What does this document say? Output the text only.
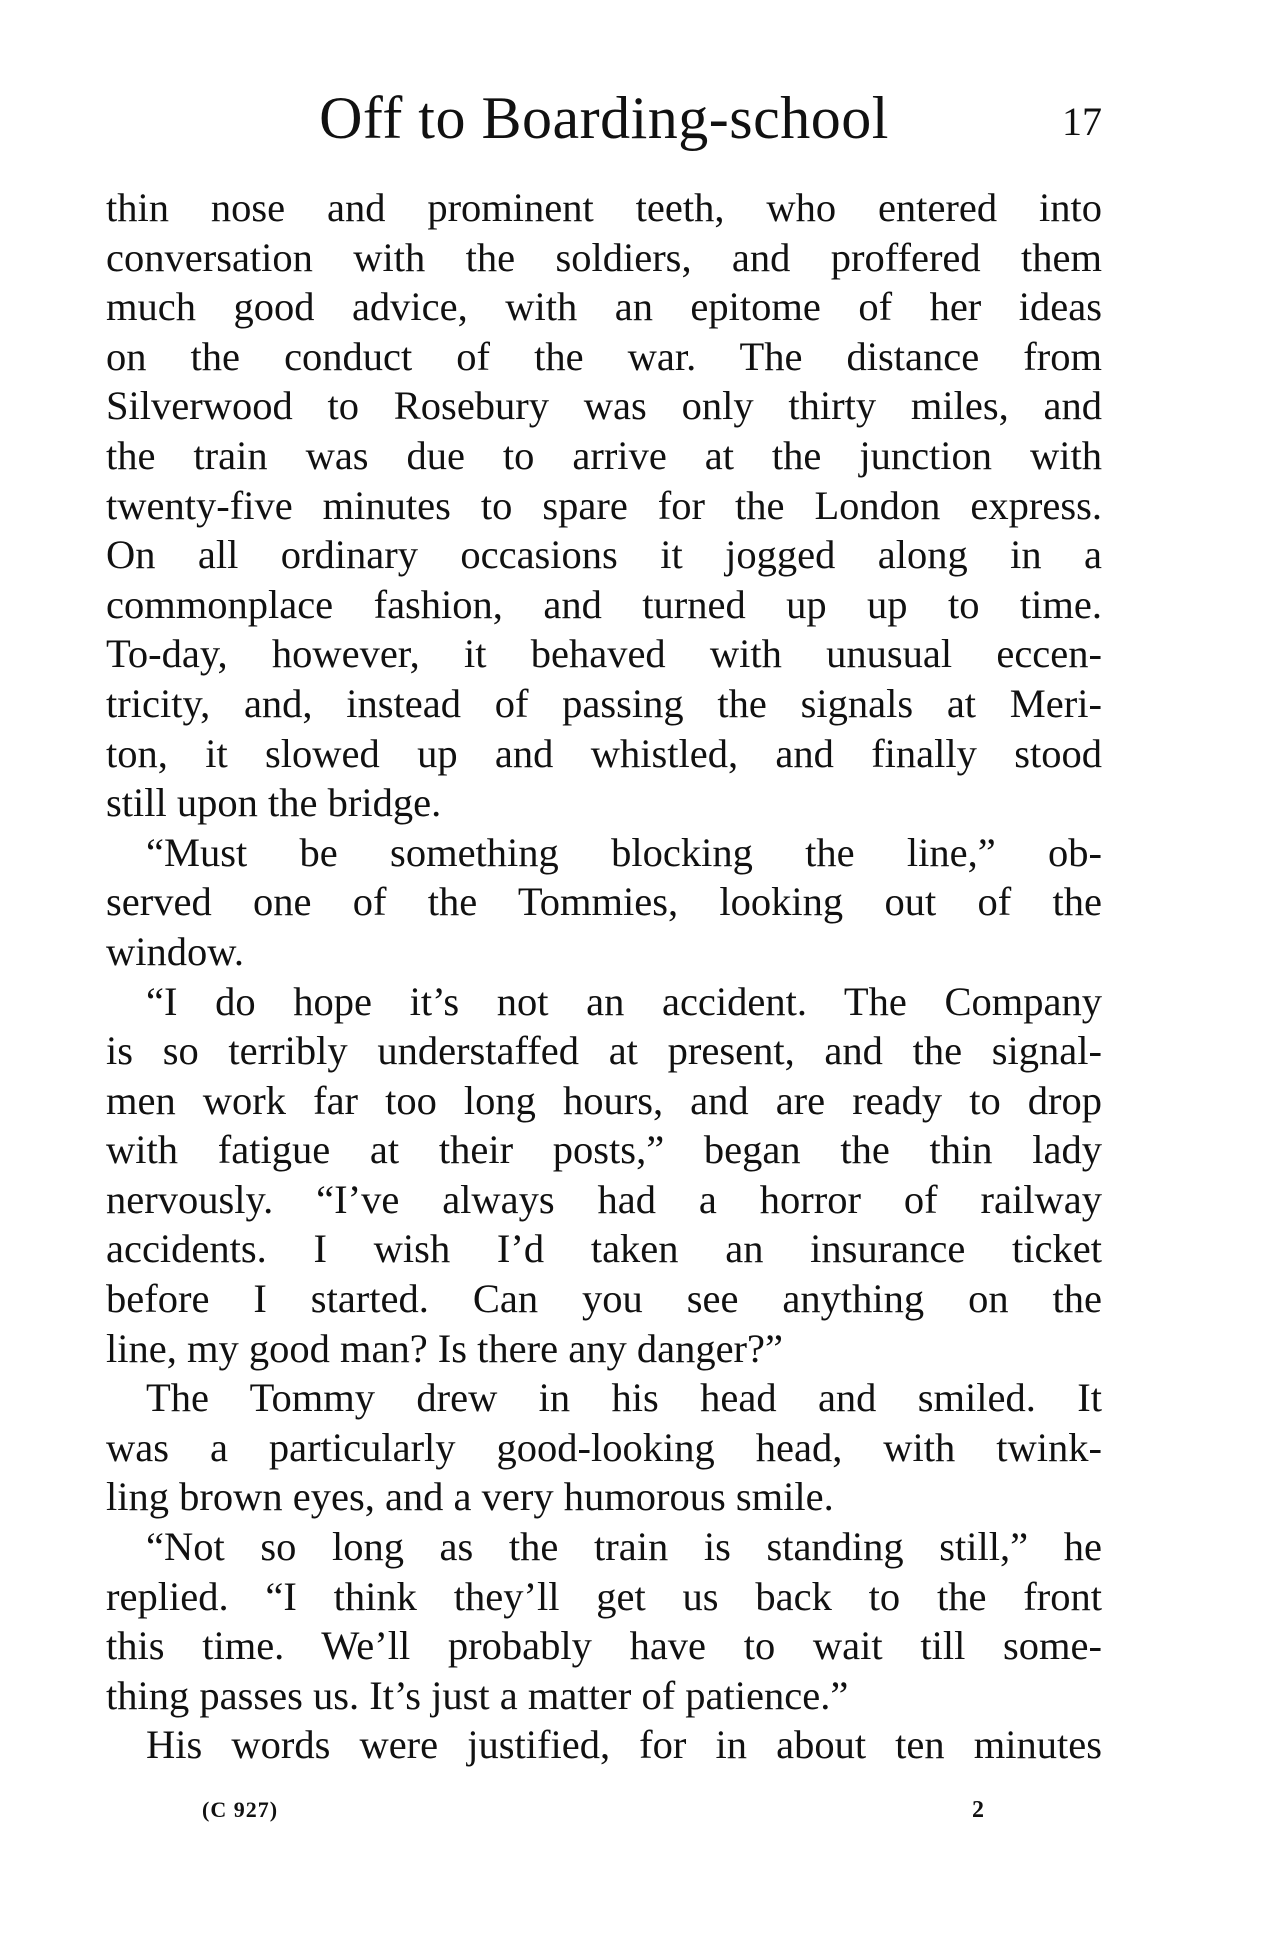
Off to Boarding-school	17
thin nose and prominent teeth, who entered into
conversation with the soldiers, and proffered them
much good advice, with an epitome of her ideas
on the conduct of the war. The distance from
Silverwood to Rosebury was only thirty miles, and
the train was due to arrive at the junction with
twenty-five minutes to spare for the London express.
On all ordinary occasions it jogged along in a
commonplace fashion, and turned up up to time.
To-day, however, it behaved with unusual eccen-
tricity, and, instead of passing the signals at Meri-
ton, it slowed up and whistled, and finally stood
still upon the bridge.
“Must be something blocking the line,” ob-
served one of the Tommies, looking out of the
window.
“I do hope it’s not an accident. The Company
is so terribly understaffed at present, and the signal-
men work far too long hours, and are ready to drop
with fatigue at their posts,” began the thin lady
nervously. “I’ve always had a horror of railway
accidents. I wish I’d taken an insurance ticket
before I started. Can you see anything on the
line, my good man? Is there any danger?”
The Tommy drew in his head and smiled. It
was a particularly good-looking head, with twink-
ling brown eyes, and a very humorous smile.
“Not so long as the train is standing still,” he
replied. “I think they’ll get us back to the front
this time. We’ll probably have to wait till some-
thing passes us. It’s just a matter of patience.”
His words were justified, for in about ten minutes
(C 927)	2
